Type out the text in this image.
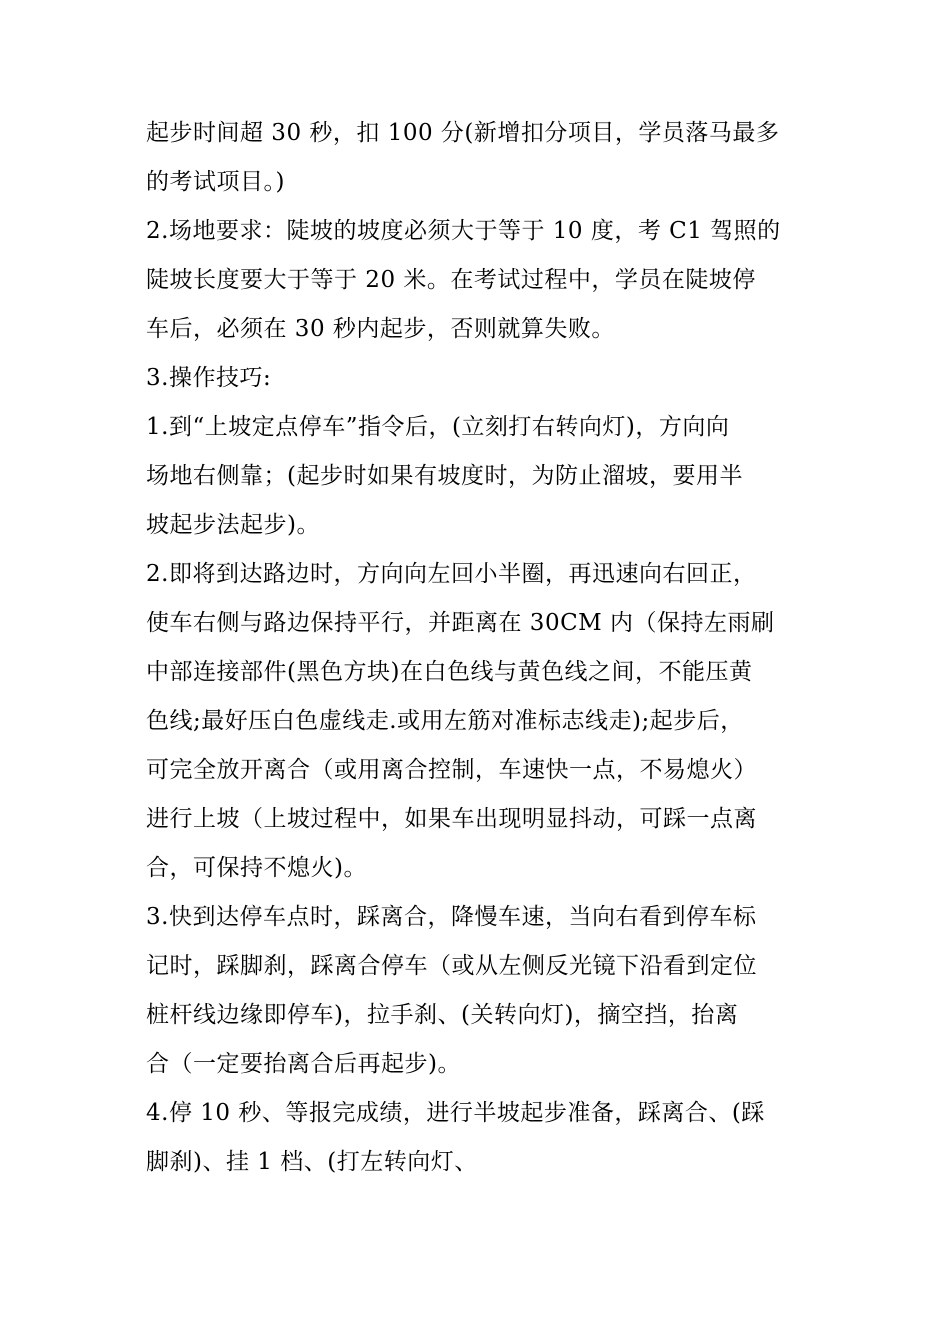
起步时间超 30 秒，扣 100 分(新增扣分项目，学员落马最多
的考试项目。)

2.场地要求：陡坡的坡度必须大于等于 10 度，考 C1 驾照的
陡坡长度要大于等于 20 米。在考试过程中，学员在陡坡停
车后，必须在 30 秒内起步，否则就算失败。

3.操作技巧:

1.到“上坡定点停车”指令后，(立刻打右转向灯)，方向向
场地右侧靠；(起步时如果有坡度时，为防止溜坡，要用半
坡起步法起步)。

2.即将到达路边时，方向向左回小半圈，再迅速向右回正，
使车右侧与路边保持平行，并距离在 30CM 内（保持左雨刷
中部连接部件(黑色方块)在白色线与黄色线之间，不能压黄
色线;最好压白色虚线走.或用左筋对准标志线走);起步后，
可完全放开离合（或用离合控制，车速快一点，不易熄火）
进行上坡（上坡过程中，如果车出现明显抖动，可踩一点离
合，可保持不熄火)。

3.快到达停车点时，踩离合，降慢车速，当向右看到停车标
记时，踩脚刹，踩离合停车（或从左侧反光镜下沿看到定位
桩杆线边缘即停车)，拉手刹、(关转向灯)，摘空挡，抬离
合（一定要抬离合后再起步)。

4.停 10 秒、等报完成绩，进行半坡起步准备，踩离合、(踩
脚刹)、挂 1 档、(打左转向灯、
